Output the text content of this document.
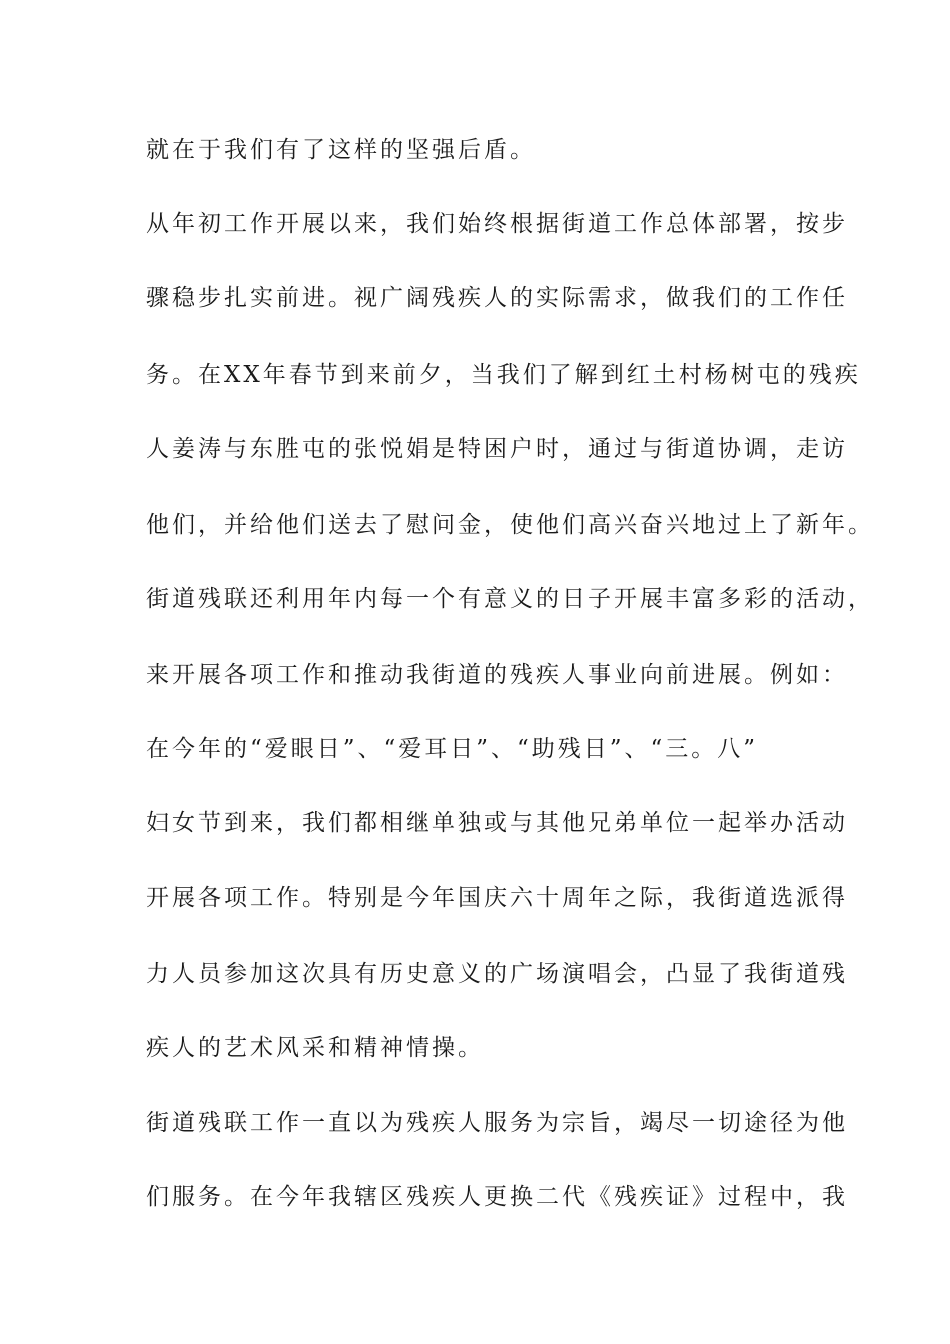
就在于我们有了这样的坚强后盾。
从年初工作开展以来，我们始终根据街道工作总体部署，按步
骤稳步扎实前进。视广阔残疾人的实际需求，做我们的工作任
务。在XX年春节到来前夕，当我们了解到红土村杨树屯的残疾
人姜涛与东胜屯的张悦娟是特困户时，通过与街道协调，走访
他们，并给他们送去了慰问金，使他们高兴奋兴地过上了新年。
街道残联还利用年内每一个有意义的日子开展丰富多彩的活动，
来开展各项工作和推动我街道的残疾人事业向前进展。例如：
在今年的“爱眼日”、“爱耳日”、“助残日”、“三。八”
妇女节到来，我们都相继单独或与其他兄弟单位一起举办活动
开展各项工作。特别是今年国庆六十周年之际，我街道选派得
力人员参加这次具有历史意义的广场演唱会，凸显了我街道残
疾人的艺术风采和精神情操。
街道残联工作一直以为残疾人服务为宗旨，竭尽一切途径为他
们服务。在今年我辖区残疾人更换二代《残疾证》过程中，我
